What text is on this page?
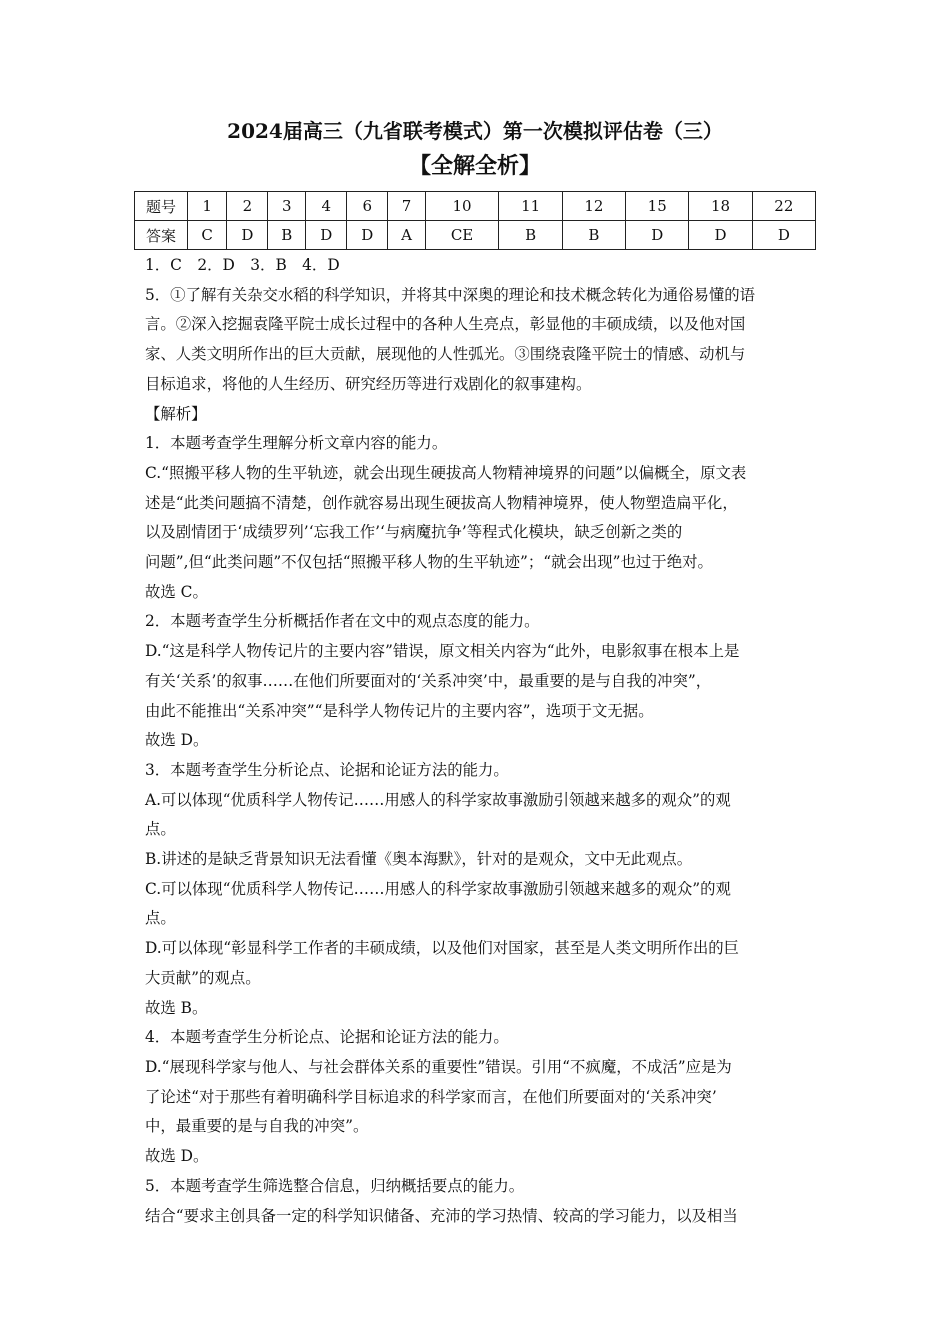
2024届高三（九省联考模式）第一次模拟评估卷（三）
【全解全析】
题号	1	2	3	4	6	7	10	11	12	15	18	22
答案	C	D	B	D	D	A	CE	B	B	D	D	D

1．C　2．D　3．B　4．D

5．①了解有关杂交水稻的科学知识，并将其中深奥的理论和技术概念转化为通俗易懂的语

言。②深入挖掘袁隆平院士成长过程中的各种人生亮点，彰显他的丰硕成绩，以及他对国

家、人类文明所作出的巨大贡献，展现他的人性弧光。③围绕袁隆平院士的情感、动机与

目标追求，将他的人生经历、研究经历等进行戏剧化的叙事建构。

【解析】

1．本题考查学生理解分析文章内容的能力。

C.“照搬平移人物的生平轨迹，就会出现生硬拔高人物精神境界的问题”以偏概全，原文表

述是“此类问题搞不清楚，创作就容易出现生硬拔高人物精神境界，使人物塑造扁平化，

以及剧情团于‘成绩罗列’‘忘我工作’‘与病魔抗争’等程式化模块，缺乏创新之类的

问题”,但“此类问题”不仅包括“照搬平移人物的生平轨迹”；“就会出现”也过于绝对。

故选 C。

2．本题考查学生分析概括作者在文中的观点态度的能力。

D.“这是科学人物传记片的主要内容”错误，原文相关内容为“此外，电影叙事在根本上是

有关‘关系’的叙事……在他们所要面对的‘关系冲突’中，最重要的是与自我的冲突”，

由此不能推出“关系冲突”“是科学人物传记片的主要内容”，选项于文无据。

故选 D。

3．本题考查学生分析论点、论据和论证方法的能力。

A.可以体现“优质科学人物传记……用感人的科学家故事激励引领越来越多的观众”的观

点。

B.讲述的是缺乏背景知识无法看懂《奥本海默》，针对的是观众，文中无此观点。

C.可以体现“优质科学人物传记……用感人的科学家故事激励引领越来越多的观众”的观

点。

D.可以体现“彰显科学工作者的丰硕成绩，以及他们对国家，甚至是人类文明所作出的巨

大贡献”的观点。

故选 B。

4．本题考查学生分析论点、论据和论证方法的能力。

D.“展现科学家与他人、与社会群体关系的重要性”错误。引用“不疯魔，不成活”应是为

了论述“对于那些有着明确科学目标追求的科学家而言，在他们所要面对的‘关系冲突’

中，最重要的是与自我的冲突”。

故选 D。

5．本题考查学生筛选整合信息，归纳概括要点的能力。

结合“要求主创具备一定的科学知识储备、充沛的学习热情、较高的学习能力，以及相当
